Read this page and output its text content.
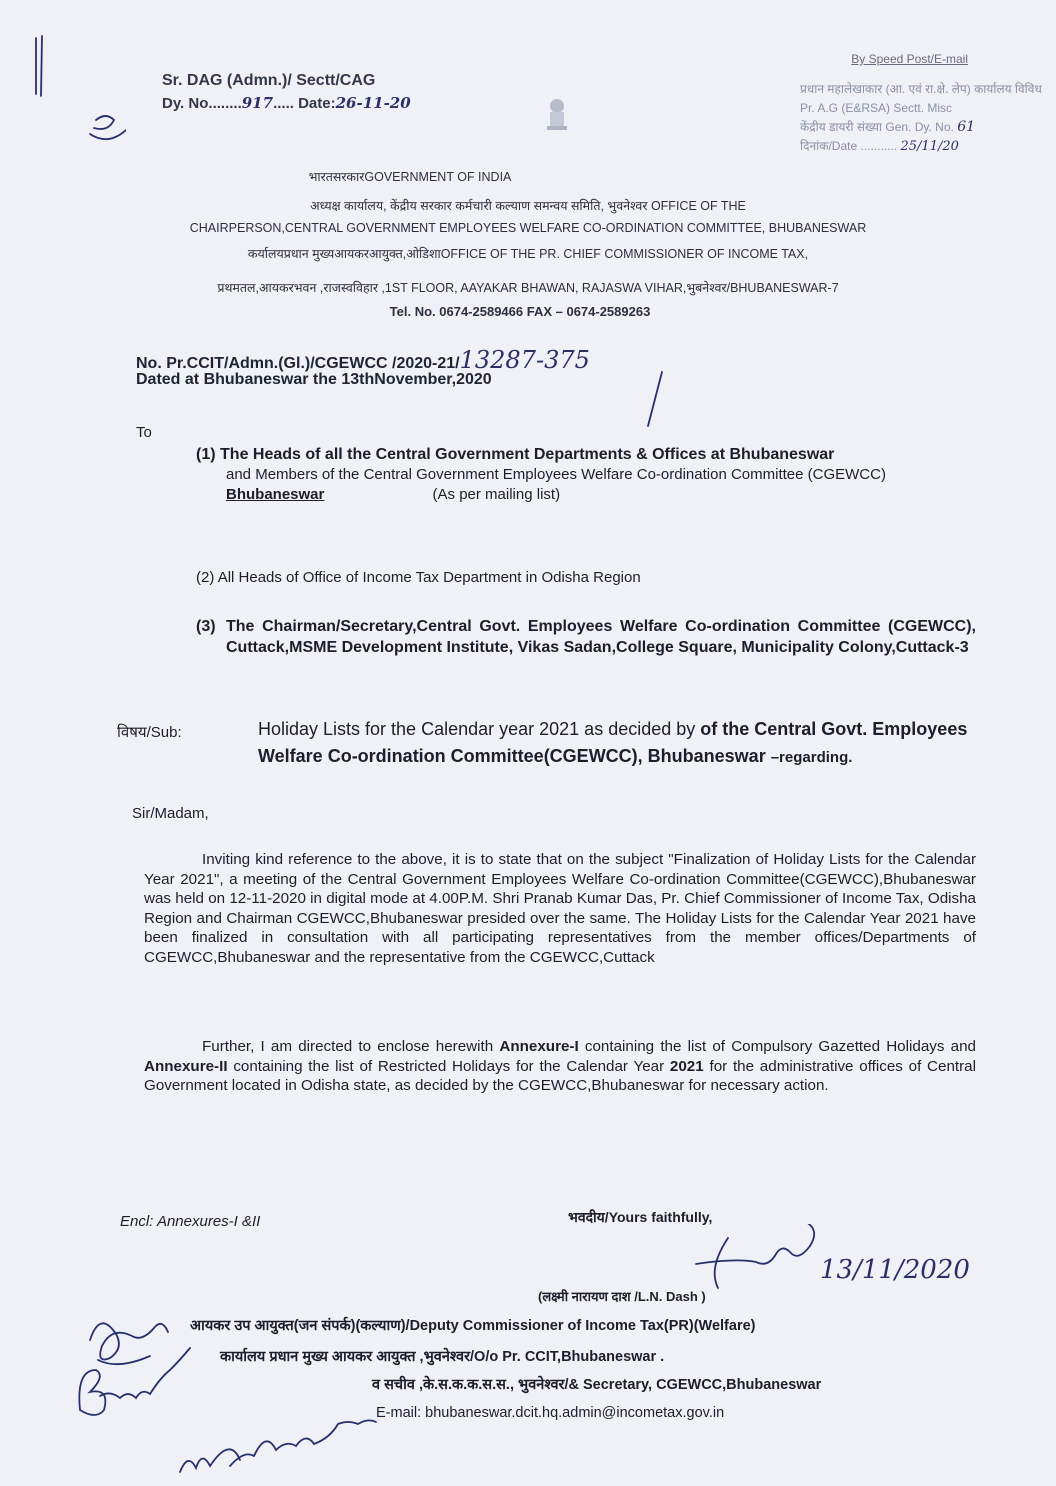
Sr. DAG (Admn.)/ Sectt/CAG
Dy. No........917..... Date:26-11-20
By Speed Post/E-mail
प्रधान महालेखाकार (आ. एवं रा.क्षे. लेप) कार्यालय विविध
Pr. A.G (E&RSA) Sectt. Misc
केंद्रीय डायरी संख्या Gen. Dy. No. 61
दिनांक/Date ........... 25/11/20
भारतसरकारGOVERNMENT OF INDIA
अध्यक्ष कार्यालय, केंद्रीय सरकार कर्मचारी कल्याण समन्वय समिति, भुवनेश्वर OFFICE OF THE
CHAIRPERSON,CENTRAL GOVERNMENT EMPLOYEES WELFARE CO-ORDINATION COMMITTEE, BHUBANESWAR
कर्यालयप्रधान मुख्यआयकरआयुक्त,ओडिशाOFFICE OF THE PR. CHIEF COMMISSIONER OF INCOME TAX,
प्रथमतल,आयकरभवन ,राजस्वविहार ,1ST FLOOR, AAYAKAR BHAWAN, RAJASWA VIHAR,भुबनेश्वर/BHUBANESWAR-7
Tel. No. 0674-2589466 FAX – 0674-2589263
No. Pr.CCIT/Admn.(Gl.)/CGEWCC /2020-21/13287-375
Dated at Bhubaneswar the 13thNovember,2020
To
(1) The Heads of all the Central Government Departments & Offices at Bhubaneswar
and Members of the Central Government Employees Welfare Co-ordination Committee (CGEWCC)
Bhubaneswar	(As per mailing list)
(2) All Heads of Office of Income Tax Department in Odisha Region
(3) The Chairman/Secretary,Central Govt. Employees Welfare Co-ordination Committee (CGEWCC), Cuttack,MSME Development Institute, Vikas Sadan,College Square, Municipality Colony,Cuttack-3
विषय/Sub:	Holiday Lists for the Calendar year 2021 as decided by of the Central Govt. Employees Welfare Co-ordination Committee(CGEWCC), Bhubaneswar –regarding.
Sir/Madam,
Inviting kind reference to the above, it is to state that on the subject "Finalization of Holiday Lists for the Calendar Year 2021", a meeting of the Central Government Employees Welfare Co-ordination Committee(CGEWCC),Bhubaneswar was held on 12-11-2020 in digital mode at 4.00P.M. Shri Pranab Kumar Das, Pr. Chief Commissioner of Income Tax, Odisha Region and Chairman CGEWCC,Bhubaneswar presided over the same. The Holiday Lists for the Calendar Year 2021 have been finalized in consultation with all participating representatives from the member offices/Departments of CGEWCC,Bhubaneswar and the representative from the CGEWCC,Cuttack
Further, I am directed to enclose herewith Annexure-I containing the list of Compulsory Gazetted Holidays and Annexure-II containing the list of Restricted Holidays for the Calendar Year 2021 for the administrative offices of Central Government located in Odisha state, as decided by the CGEWCC,Bhubaneswar for necessary action.
Encl: Annexures-I &II	भवदीय/Yours faithfully,
13/11/2020
(लक्ष्मी नारायण दाश /L.N. Dash )
आयकर उप आयुक्त(जन संपर्क)(कल्याण)/Deputy Commissioner of Income Tax(PR)(Welfare)
कार्यालय प्रधान मुख्य आयकर आयुक्त ,भुवनेश्वर/O/o Pr. CCIT,Bhubaneswar .
व सचीव ,के.स.क.क.स.स., भुवनेश्वर/& Secretary, CGEWCC,Bhubaneswar
E-mail: bhubaneswar.dcit.hq.admin@incometax.gov.in
